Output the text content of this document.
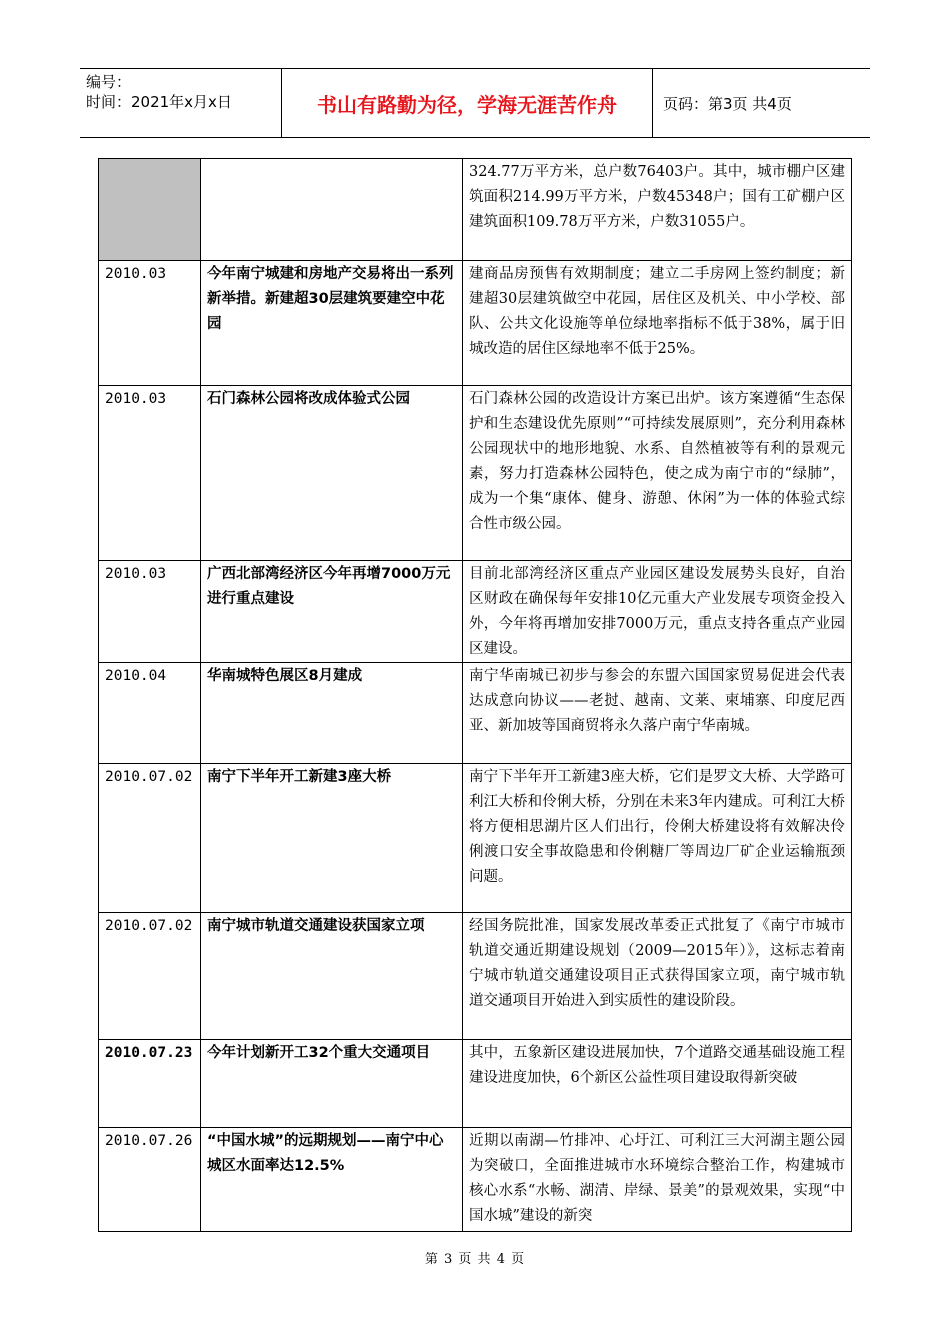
编号：
时间：2021年x月x日	书山有路勤为径，学海无涯苦作舟	页码：第3页 共4页
		324.77万平方米，总户数76403户。其中，城市棚户区建筑面积214.99万平方米，户数45348户；国有工矿棚户区建筑面积109.78万平方米，户数31055户。
2010.03	今年南宁城建和房地产交易将出一系列新举措。新建超30层建筑要建空中花园	建商品房预售有效期制度；建立二手房网上签约制度；新建超30层建筑做空中花园，居住区及机关、中小学校、部队、公共文化设施等单位绿地率指标不低于38%，属于旧城改造的居住区绿地率不低于25%。
2010.03	石门森林公园将改成体验式公园	石门森林公园的改造设计方案已出炉。该方案遵循“生态保护和生态建设优先原则”“可持续发展原则”，充分利用森林公园现状中的地形地貌、水系、自然植被等有利的景观元素，努力打造森林公园特色，使之成为南宁市的“绿肺”，成为一个集“康体、健身、游憩、休闲”为一体的体验式综合性市级公园。
2010.03	广西北部湾经济区今年再增7000万元进行重点建设	目前北部湾经济区重点产业园区建设发展势头良好，自治区财政在确保每年安排10亿元重大产业发展专项资金投入外，今年将再增加安排7000万元，重点支持各重点产业园区建设。
2010.04	华南城特色展区8月建成	南宁华南城已初步与参会的东盟六国国家贸易促进会代表达成意向协议——老挝、越南、文莱、柬埔寨、印度尼西亚、新加坡等国商贸将永久落户南宁华南城。
2010.07.02	南宁下半年开工新建3座大桥	南宁下半年开工新建3座大桥，它们是罗文大桥、大学路可利江大桥和伶俐大桥，分别在未来3年内建成。可利江大桥将方便相思湖片区人们出行，伶俐大桥建设将有效解决伶俐渡口安全事故隐患和伶俐糖厂等周边厂矿企业运输瓶颈问题。
2010.07.02	南宁城市轨道交通建设获国家立项	经国务院批准，国家发展改革委正式批复了《南宁市城市轨道交通近期建设规划（2009—2015年）》，这标志着南宁城市轨道交通建设项目正式获得国家立项，南宁城市轨道交通项目开始进入到实质性的建设阶段。
2010.07.23	今年计划新开工32个重大交通项目	其中，五象新区建设进展加快，7个道路交通基础设施工程建设进度加快，6个新区公益性项目建设取得新突破
2010.07.26	“中国水城”的远期规划——南宁中心城区水面率达12.5%	近期以南湖—竹排冲、心圩江、可利江三大河湖主题公园为突破口，全面推进城市水环境综合整治工作，构建城市核心水系“水畅、湖清、岸绿、景美”的景观效果，实现“中国水城”建设的新突
第 3 页 共 4 页
